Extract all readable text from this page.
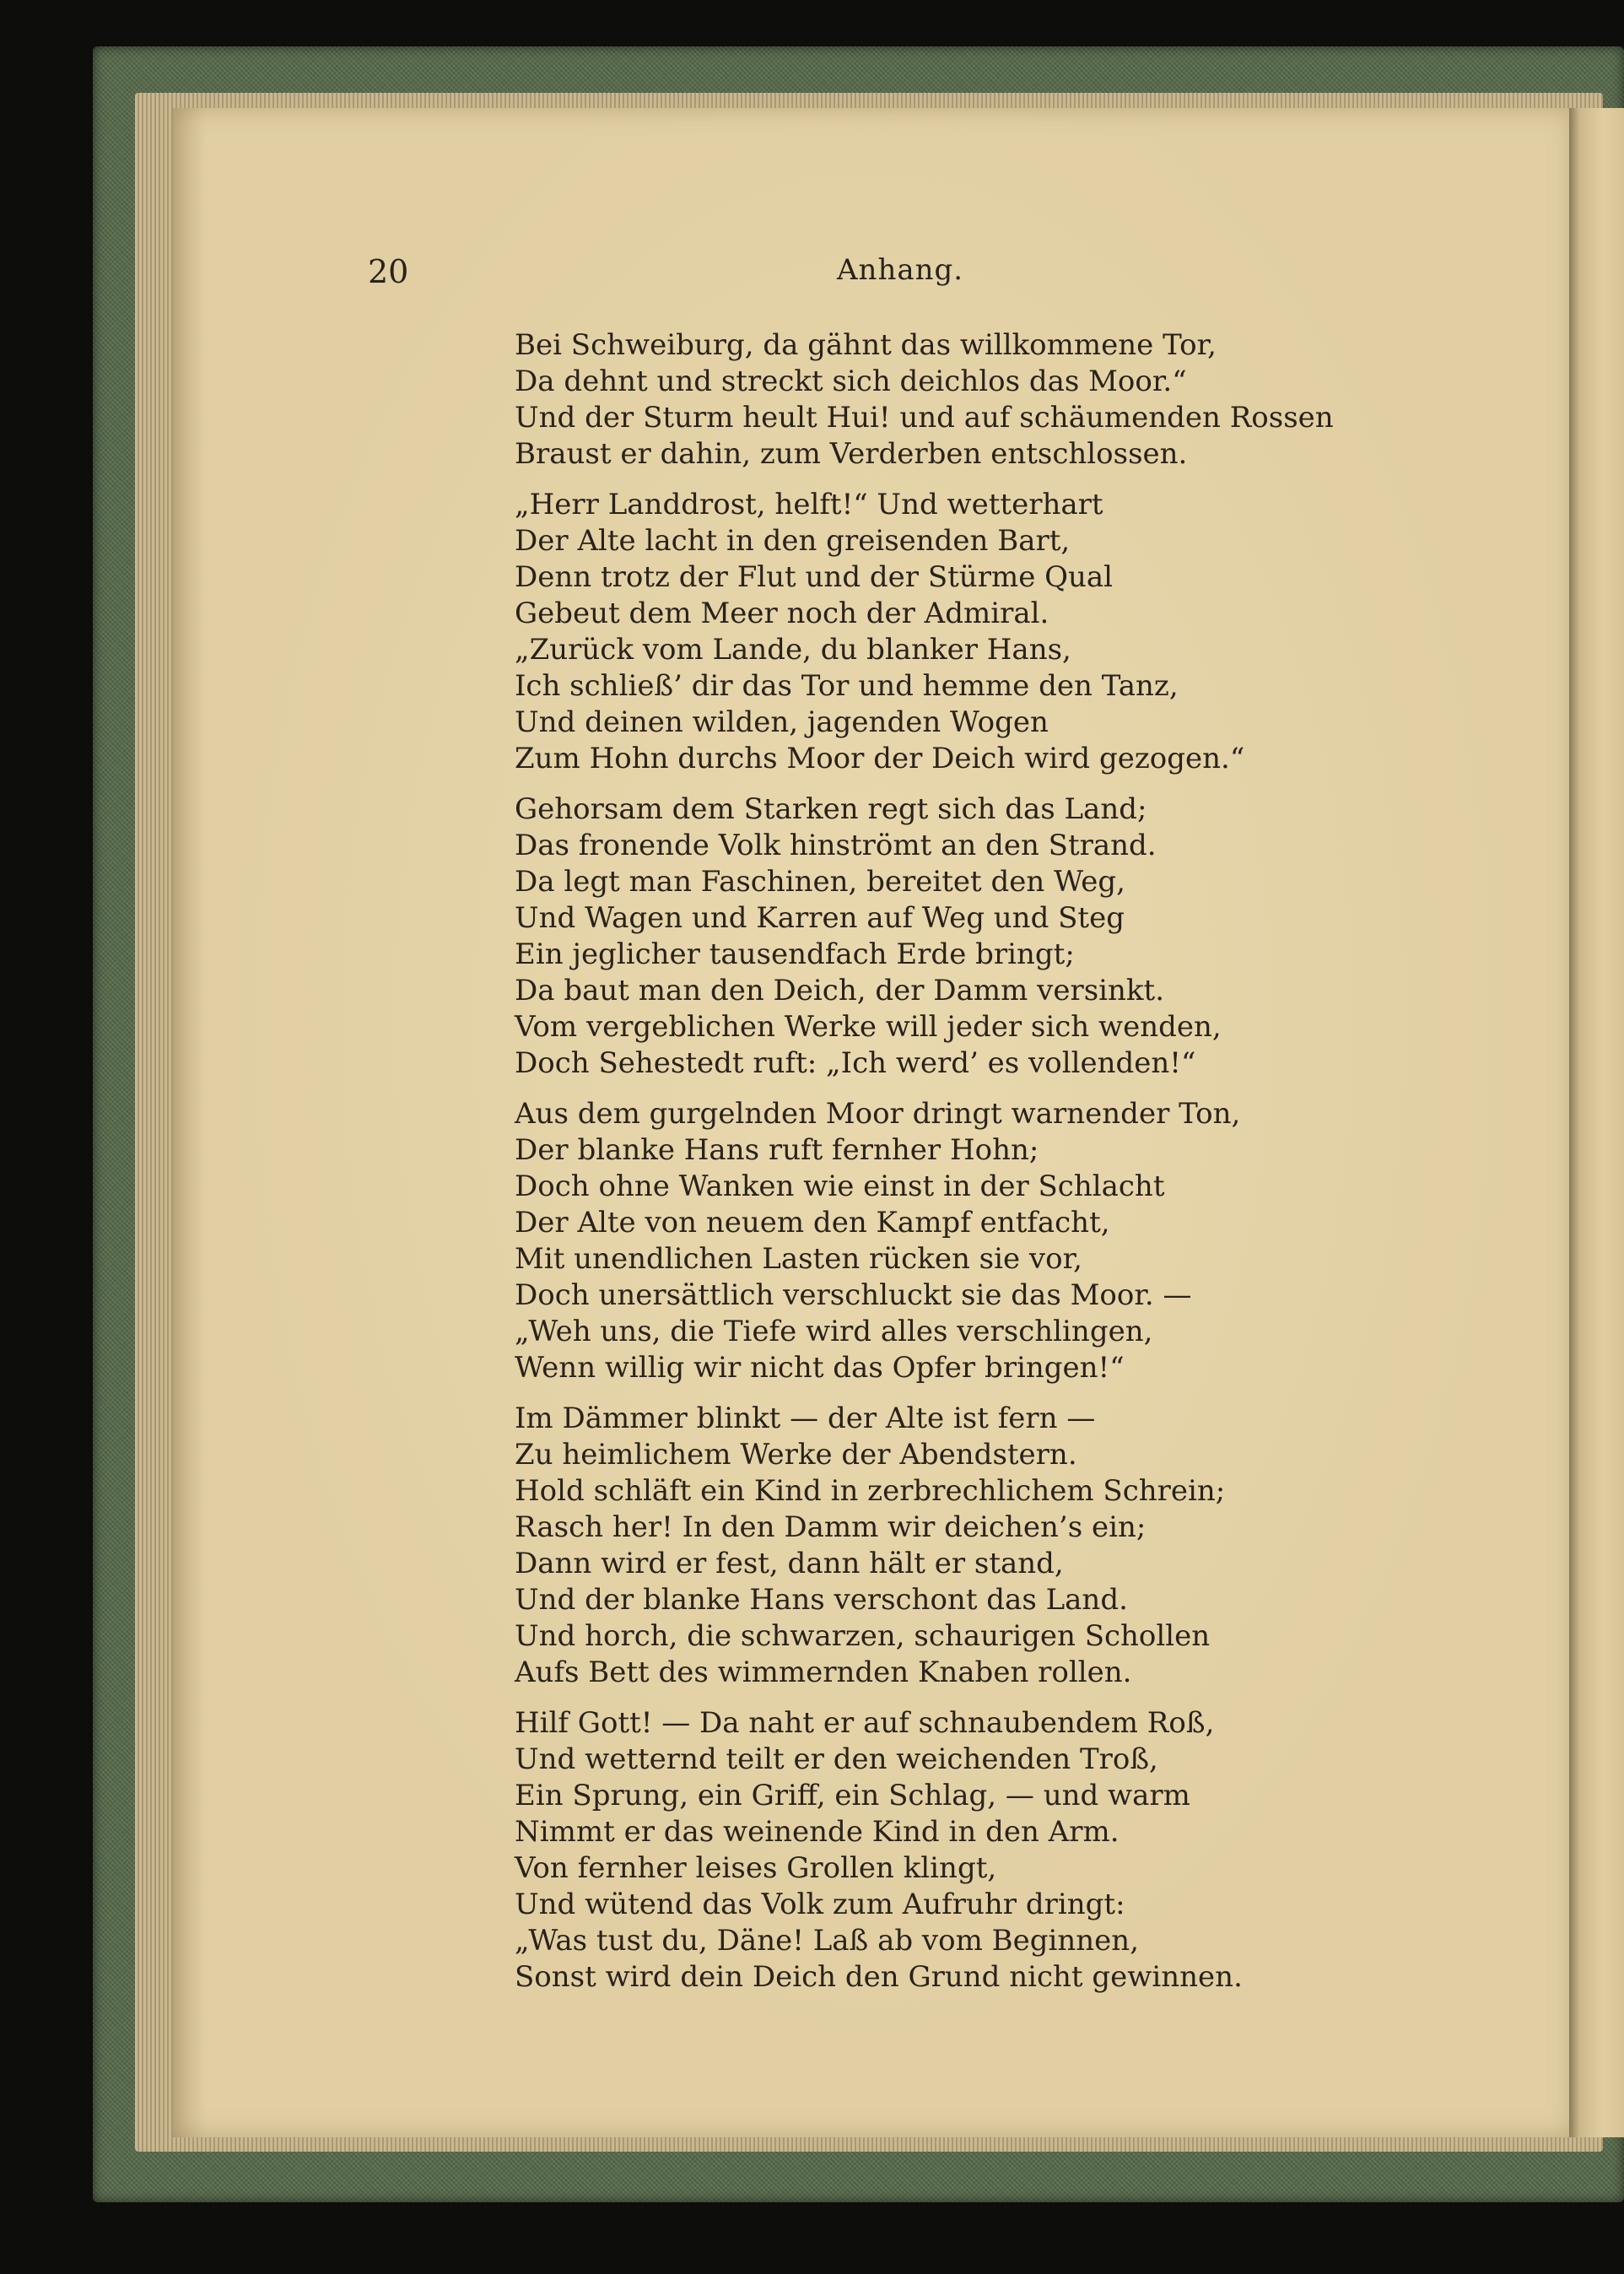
20	Anhang.
Bei Schweiburg, da gähnt das willkommene Tor,
Da dehnt und streckt sich deichlos das Moor.“
Und der Sturm heult Hui! und auf schäumenden Rossen
Braust er dahin, zum Verderben entschlossen.
„Herr Landdrost, helft!“ Und wetterhart
Der Alte lacht in den greisenden Bart,
Denn trotz der Flut und der Stürme Qual
Gebeut dem Meer noch der Admiral.
„Zurück vom Lande, du blanker Hans,
Ich schließ’ dir das Tor und hemme den Tanz,
Und deinen wilden, jagenden Wogen
Zum Hohn durchs Moor der Deich wird gezogen.“
Gehorsam dem Starken regt sich das Land;
Das fronende Volk hinströmt an den Strand.
Da legt man Faschinen, bereitet den Weg,
Und Wagen und Karren auf Weg und Steg
Ein jeglicher tausendfach Erde bringt;
Da baut man den Deich, der Damm versinkt.
Vom vergeblichen Werke will jeder sich wenden,
Doch Sehestedt ruft: „Ich werd’ es vollenden!“
Aus dem gurgelnden Moor dringt warnender Ton,
Der blanke Hans ruft fernher Hohn;
Doch ohne Wanken wie einst in der Schlacht
Der Alte von neuem den Kampf entfacht,
Mit unendlichen Lasten rücken sie vor,
Doch unersättlich verschluckt sie das Moor. —
„Weh uns, die Tiefe wird alles verschlingen,
Wenn willig wir nicht das Opfer bringen!“
Im Dämmer blinkt — der Alte ist fern —
Zu heimlichem Werke der Abendstern.
Hold schläft ein Kind in zerbrechlichem Schrein;
Rasch her! In den Damm wir deichen’s ein;
Dann wird er fest, dann hält er stand,
Und der blanke Hans verschont das Land.
Und horch, die schwarzen, schaurigen Schollen
Aufs Bett des wimmernden Knaben rollen.
Hilf Gott! — Da naht er auf schnaubendem Roß,
Und wetternd teilt er den weichenden Troß,
Ein Sprung, ein Griff, ein Schlag, — und warm
Nimmt er das weinende Kind in den Arm.
Von fernher leises Grollen klingt,
Und wütend das Volk zum Aufruhr dringt:
„Was tust du, Däne! Laß ab vom Beginnen,
Sonst wird dein Deich den Grund nicht gewinnen.
